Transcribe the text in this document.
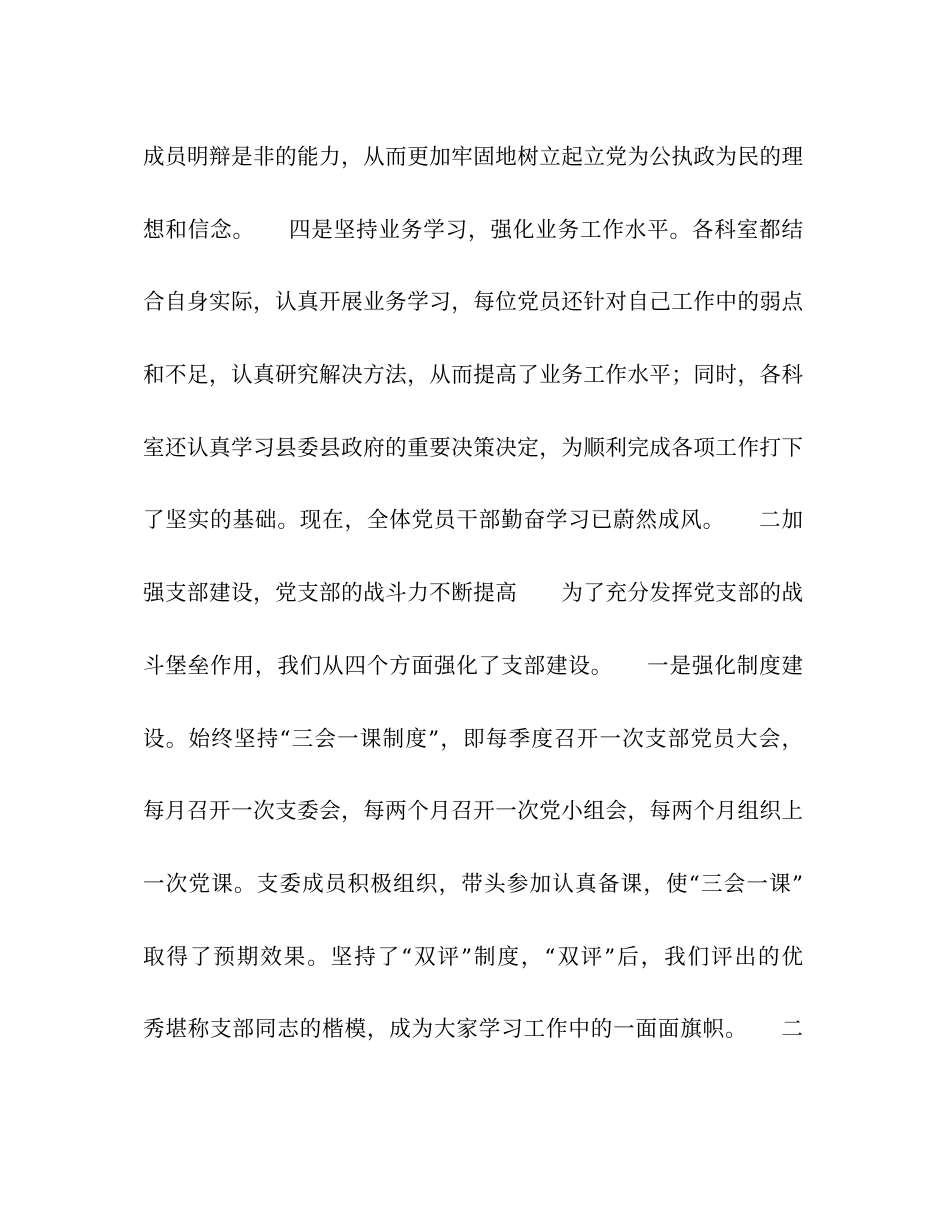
成员明辩是非的能力，从而更加牢固地树立起立党为公执政为民的理
想和信念。　　四是坚持业务学习，强化业务工作水平。各科室都结
合自身实际，认真开展业务学习，每位党员还针对自己工作中的弱点
和不足，认真研究解决方法，从而提高了业务工作水平；同时，各科
室还认真学习县委县政府的重要决策决定，为顺利完成各项工作打下
了坚实的基础。现在，全体党员干部勤奋学习已蔚然成风。　　二加
强支部建设，党支部的战斗力不断提高　　为了充分发挥党支部的战
斗堡垒作用，我们从四个方面强化了支部建设。　　一是强化制度建
设。始终坚持“三会一课制度”，即每季度召开一次支部党员大会，
每月召开一次支委会，每两个月召开一次党小组会，每两个月组织上
一次党课。支委成员积极组织，带头参加认真备课，使“三会一课”
取得了预期效果。坚持了“双评”制度，“双评”后，我们评出的优
秀堪称支部同志的楷模，成为大家学习工作中的一面面旗帜。　　二
